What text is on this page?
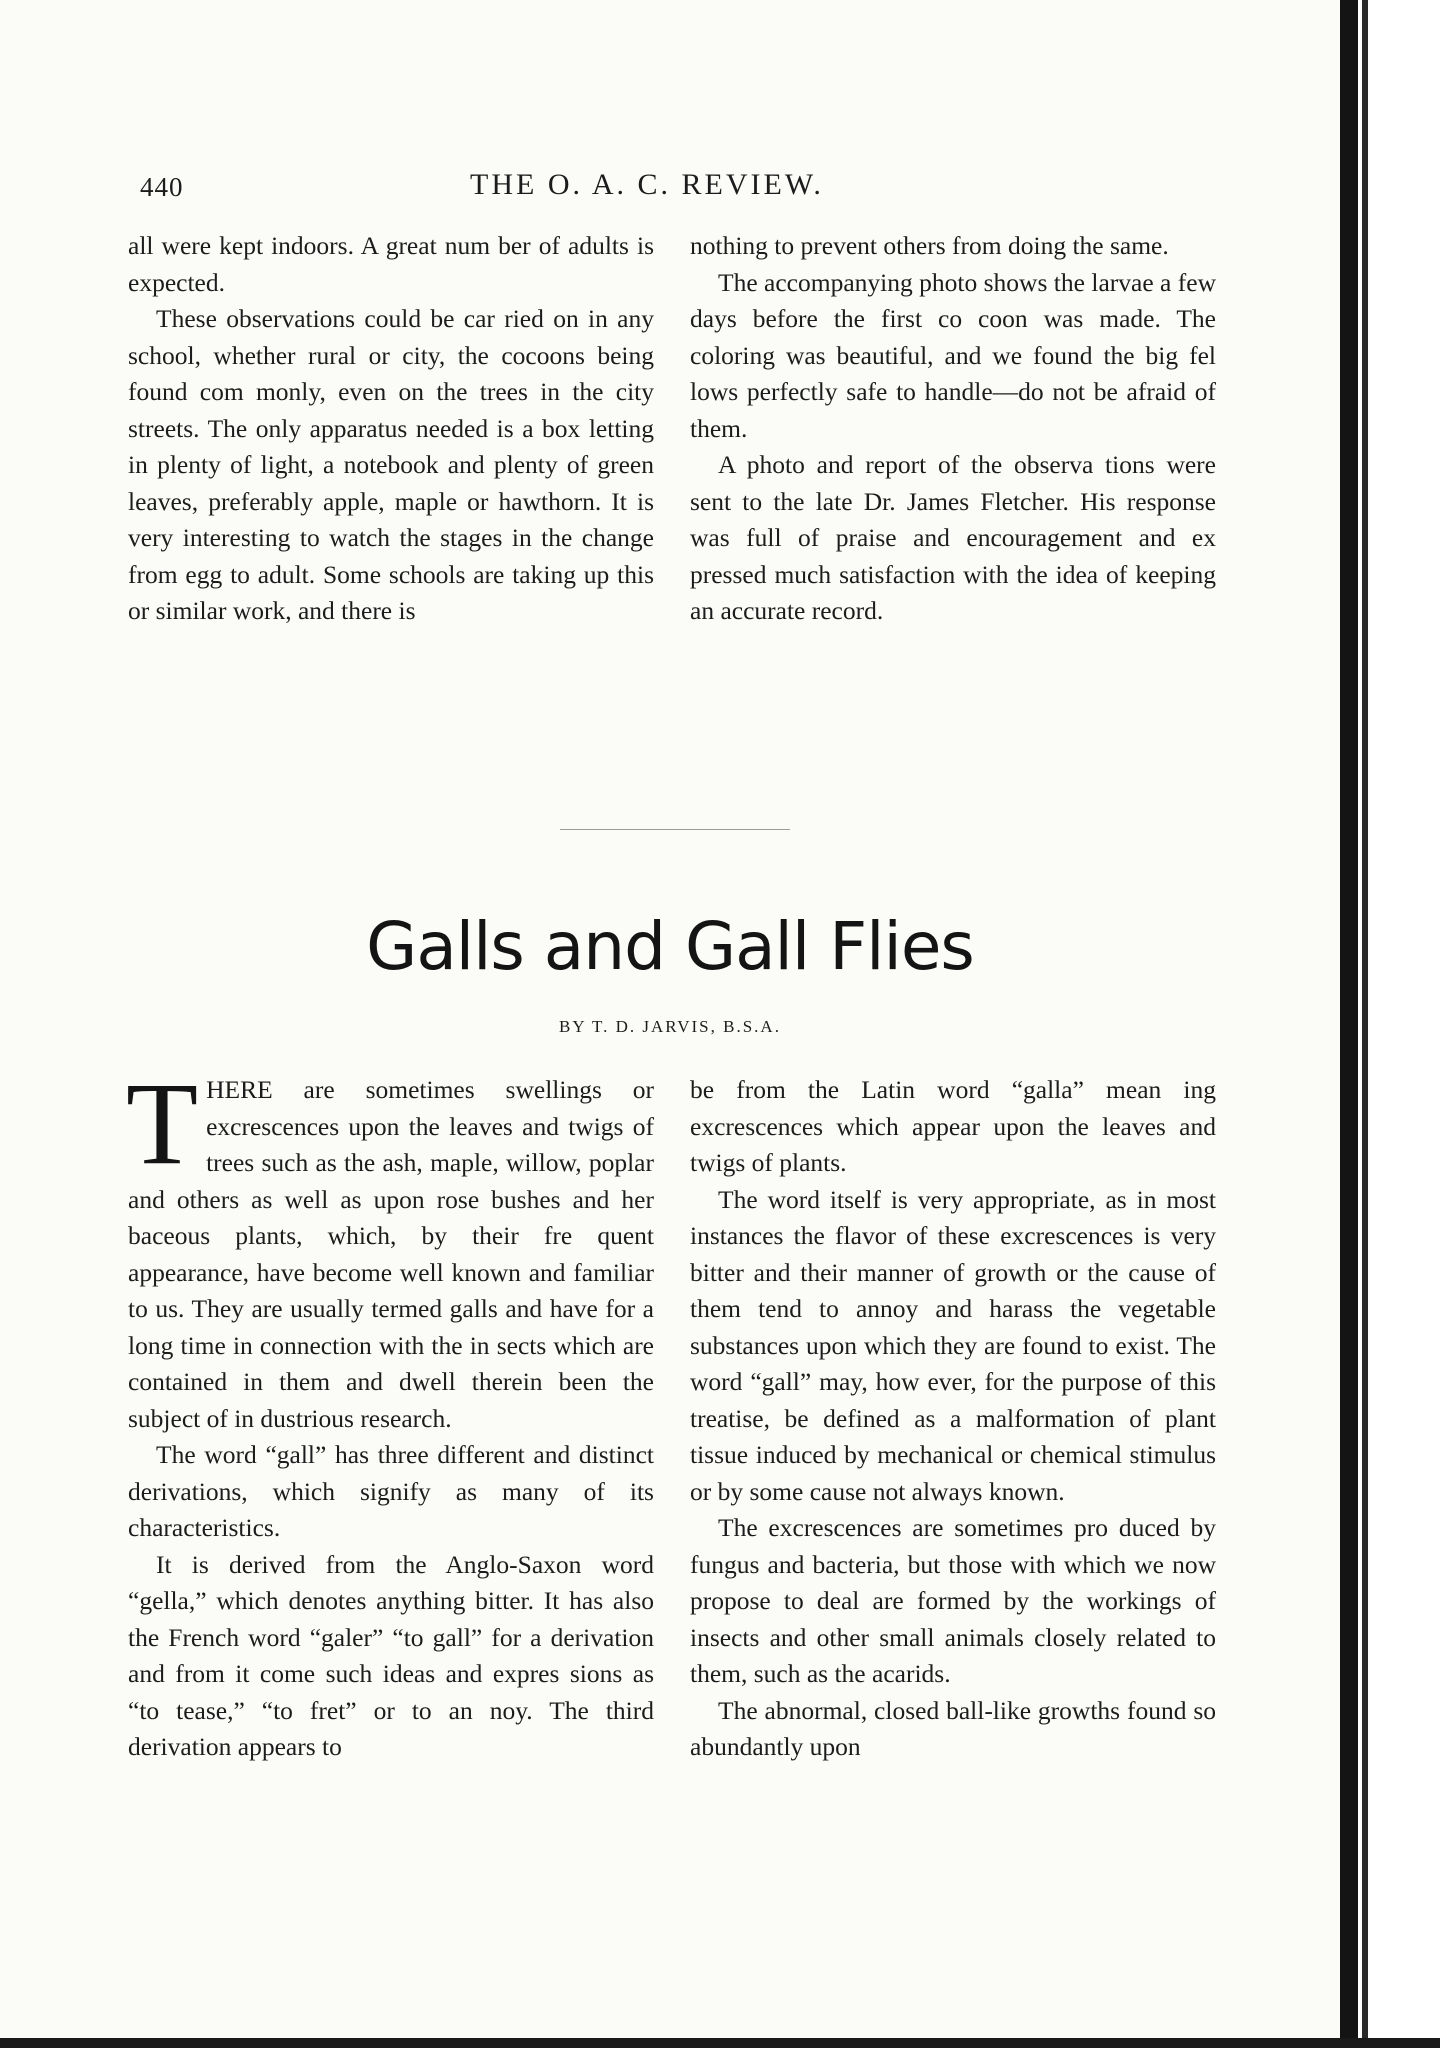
440	THE O. A. C. REVIEW.

all were kept indoors. A great num ber of adults is expected.

These observations could be car ried on in any school, whether rural or city, the cocoons being found com monly, even on the trees in the city streets. The only apparatus needed is a box letting in plenty of light, a notebook and plenty of green leaves, preferably apple, maple or hawthorn. It is very interesting to watch the stages in the change from egg to adult. Some schools are taking up this or similar work, and there is

nothing to prevent others from doing the same.

The accompanying photo shows the larvae a few days before the first co coon was made. The coloring was beautiful, and we found the big fel lows perfectly safe to handle—do not be afraid of them.

A photo and report of the observa tions were sent to the late Dr. James Fletcher. His response was full of praise and encouragement and ex pressed much satisfaction with the idea of keeping an accurate record.

Galls and Gall Flies
BY T. D. JARVIS, B.S.A.

THERE are sometimes swellings or excrescences upon the leaves and twigs of trees such as the ash, maple, willow, poplar and others as well as upon rose bushes and her baceous plants, which, by their fre quent appearance, have become well known and familiar to us. They are usually termed galls and have for a long time in connection with the in sects which are contained in them and dwell therein been the subject of in dustrious research.

The word “gall” has three different and distinct derivations, which signify as many of its characteristics.

It is derived from the Anglo-Saxon word “gella,” which denotes anything bitter. It has also the French word “galer” “to gall” for a derivation and from it come such ideas and expres sions as “to tease,” “to fret” or to an noy. The third derivation appears to

be from the Latin word “galla” mean ing excrescences which appear upon the leaves and twigs of plants.

The word itself is very appropriate, as in most instances the flavor of these excrescences is very bitter and their manner of growth or the cause of them tend to annoy and harass the vegetable substances upon which they are found to exist. The word “gall” may, how ever, for the purpose of this treatise, be defined as a malformation of plant tissue induced by mechanical or chemical stimulus or by some cause not always known.

The excrescences are sometimes pro duced by fungus and bacteria, but those with which we now propose to deal are formed by the workings of insects and other small animals closely related to them, such as the acarids.

The abnormal, closed ball-like growths found so abundantly upon
